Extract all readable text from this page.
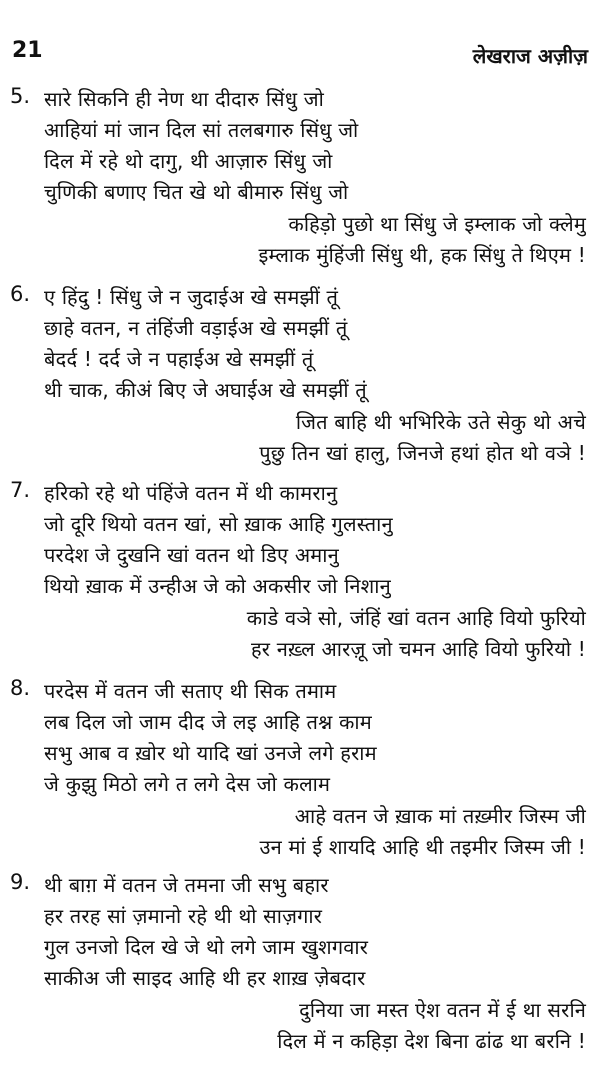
21	लेखराज अज़ीज़
5. सारे सिकनि ही नेण था दीदारु सिंधु जो
आहियां मां जान दिल सां तलबगारु सिंधु जो
दिल में रहे थो दागु, थी आज़ारु सिंधु जो
चुणिकी बणाए चित खे थो बीमारु सिंधु जो
कहिड़ो पुछो था सिंधु जे इम्लाक जो क्लेमु
इम्लाक मुंहिंजी सिंधु थी, हक सिंधु ते थिएम !
6. ए हिंदु ! सिंधु जे न जुदाईअ खे समझीं तूं
छाहे वतन, न तंहिंजी वड़ाईअ खे समझीं तूं
बेदर्द ! दर्द जे न पहाईअ खे समझीं तूं
थी चाक, कीअं बिए जे अघाईअ खे समझीं तूं
जित बाहि थी भभिरिके उते सेकु थो अचे
पुछु तिन खां हालु, जिनजे हथां होत थो वञे !
7. हरिको रहे थो पंहिंजे वतन में थी कामरानु
जो दूरि थियो वतन खां, सो ख़ाक आहि गुलस्तानु
परदेश जे दुखनि खां वतन थो डिए अमानु
थियो ख़ाक में उन्हीअ जे को अकसीर जो निशानु
काडे वञे सो, जंहिं खां वतन आहि वियो फुरियो
हर नख़्ल आरज़ू जो चमन आहि वियो फुरियो !
8. परदेस में वतन जी सताए थी सिक तमाम
लब दिल जो जाम दीद जे लइ आहि तश्न काम
सभु आब व ख़ोर थो यादि खां उनजे लगे हराम
जे कुझु मिठो लगे त लगे देस जो कलाम
आहे वतन जे ख़ाक मां तख़्मीर जिस्म जी
उन मां ई शायदि आहि थी तइमीर जिस्म जी !
9. थी बाग़ में वतन जे तमना जी सभु बहार
हर तरह सां ज़मानो रहे थी थो साज़गार
गुल उनजो दिल खे जे थो लगे जाम खुशगवार
साकीअ जी साइद आहि थी हर शाख़ ज़ेबदार
दुनिया जा मस्त ऐश वतन में ई था सरनि
दिल में न कहिड़ा देश बिना ढांढ था बरनि !
